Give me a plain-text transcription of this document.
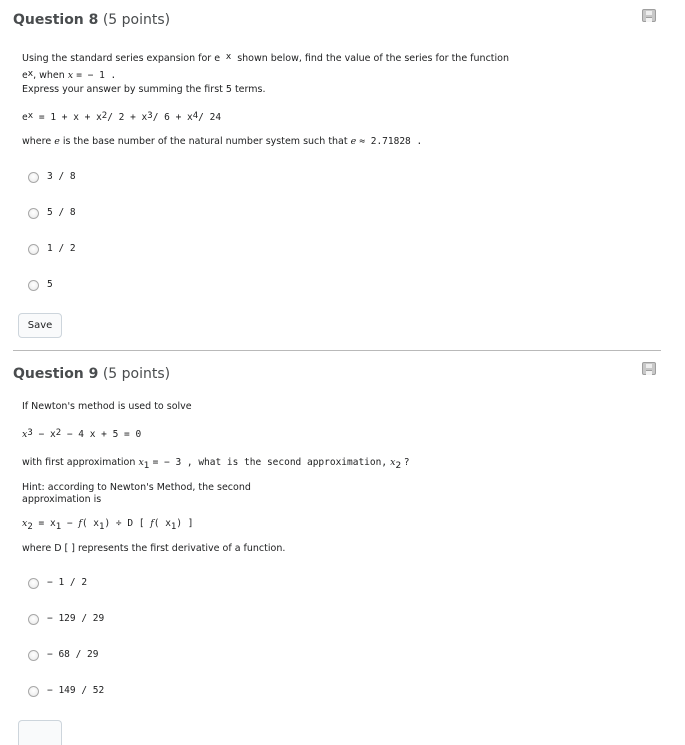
Question 8 (5 points)
Using the standard series expansion for e $^x$ shown below, find the value of the series for the function
$e^x$, when x = − 1 .
Express your answer by summing the first 5 terms.
$e^x = 1 + x + x^2/$ $2 + x^3/$ $6 + x^4/$ 24
where e is the base number of the natural number system such that e ≈ 2.71828 .
3 / 8
5 / 8
1 / 2
5
Save
Question 9 (5 points)
If Newton's method is used to solve
$x^3 - x^2 - 4$ x + 5 = 0
with first approximation $x_1$ = − 3 , what is the second approximation, $x_2$ ?
Hint: according to Newton's Method, the second
approximation is
$x_2 = x_1 - f$( $x_1) \div D$ [ f( $x_1$) ]
where D [ ] represents the first derivative of a function.
− 1 / 2
− 129 / 29
− 68 / 29
− 149 / 52
